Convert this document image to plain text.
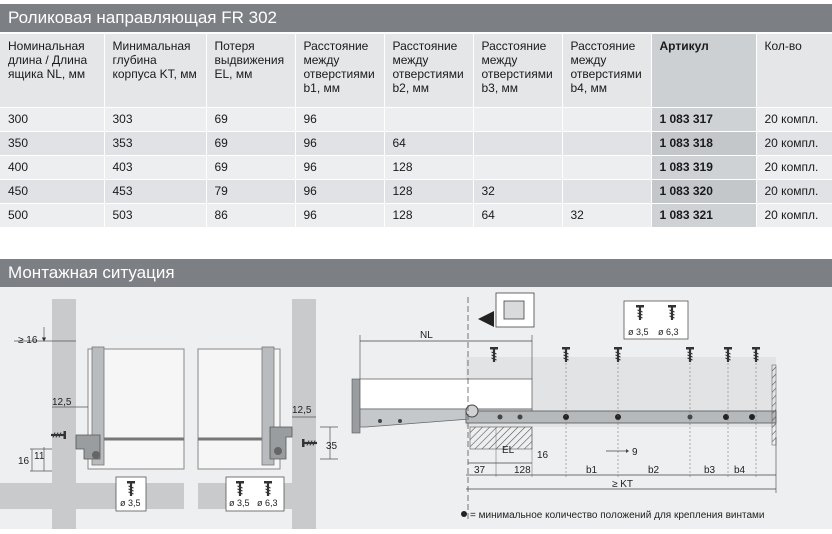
Роликовая направляющая FR 302
Номинальная длина / Длина ящика NL, мм	Минимальная глубина корпуса KT, мм	Потеря выдвижения EL, мм	Расстояние между отверстиями b1, мм	Расстояние между отверстиями b2, мм	Расстояние между отверстиями b3, мм	Расстояние между отверстиями b4, мм	Артикул	Кол-во
300	303	69	96				1 083 317	20 компл.
350	353	69	96	64			1 083 318	20 компл.
400	403	69	96	128			1 083 319	20 компл.
450	453	79	96	128	32		1 083 320	20 компл.
500	503	86	96	128	64	32	1 083 321	20 компл.
Монтажная ситуация
≥ 16
12,5
16 11
ø 3,5
12,5
35
ø 3,5 ø 6,3
NL	ø 3,5 ø 6,3
EL 16
37	128	b1
9
b2	b3 b4
≥ KT
= минимальное количество положений для крепления винтами
